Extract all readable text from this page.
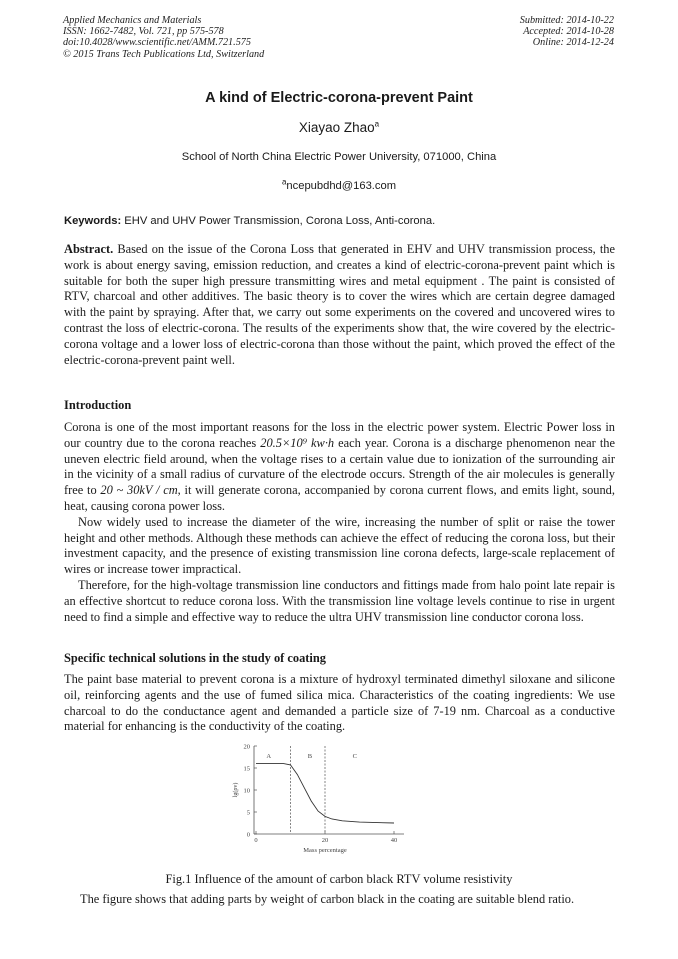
Applied Mechanics and Materials
ISSN: 1662-7482, Vol. 721, pp 575-578
doi:10.4028/www.scientific.net/AMM.721.575
© 2015 Trans Tech Publications Ltd, Switzerland
Submitted: 2014-10-22
Accepted: 2014-10-28
Online: 2014-12-24
A kind of Electric-corona-prevent Paint
Xiayao Zhao$^a$
School of North China Electric Power University, 071000, China
$^a$ncepubdhd@163.com
Keywords: EHV and UHV Power Transmission, Corona Loss, Anti-corona.
Abstract. Based on the issue of the Corona Loss that generated in EHV and UHV transmission process, the work is about energy saving, emission reduction, and creates a kind of electric-corona-prevent paint which is suitable for both the super high pressure transmitting wires and metal equipment . The paint is consisted of RTV, charcoal and other additives. The basic theory is to cover the wires which are certain degree damaged with the paint by spraying. After that, we carry out some experiments on the covered and uncovered wires to contrast the loss of electric-corona. The results of the experiments show that, the wire covered by the electric-corona voltage and a lower loss of electric-corona than those without the paint, which proved the effect of the electric-corona-prevent paint well.
Introduction

Corona is one of the most important reasons for the loss in the electric power system. Electric Power loss in our country due to the corona reaches 20.5×10⁹ kw·h each year. Corona is a discharge phenomenon near the uneven electric field around, when the voltage rises to a certain value due to ionization of the surrounding air in the vicinity of a small radius of curvature of the electrode occurs. Strength of the air molecules is generally free to 20 ~ 30kV / cm, it will generate corona, accompanied by corona current flows, and emits light, sound, heat, causing corona power loss.

Now widely used to increase the diameter of the wire, increasing the number of split or raise the tower height and other methods. Although these methods can achieve the effect of reducing the corona loss, but their investment capacity, and the presence of existing transmission line corona defects, large-scale replacement of wires or increase tower impractical.

Therefore, for the high-voltage transmission line conductors and fittings made from halo point late repair is an effective shortcut to reduce corona loss. With the transmission line voltage levels continue to rise in urgent need to find a simple and effective way to reduce the ultra UHV transmission line conductor corona loss.

Specific technical solutions in the study of coating
The paint base material to prevent corona is a mixture of hydroxyl terminated dimethyl siloxane and silicone oil, reinforcing agents and the use of fumed silica mica. Characteristics of the coating ingredients: We use charcoal to do the conductance agent and demanded a particle size of 7-19 nm. Charcoal as a conductive material for enhancing is the conductivity of the coating.
0
5
10
15
20
0	20	40
A	B	C
lg(ρv)
Mass percentage
Fig.1 Influence of the amount of carbon black RTV volume resistivity
The figure shows that adding parts by weight of carbon black in the coating are suitable blend ratio.
